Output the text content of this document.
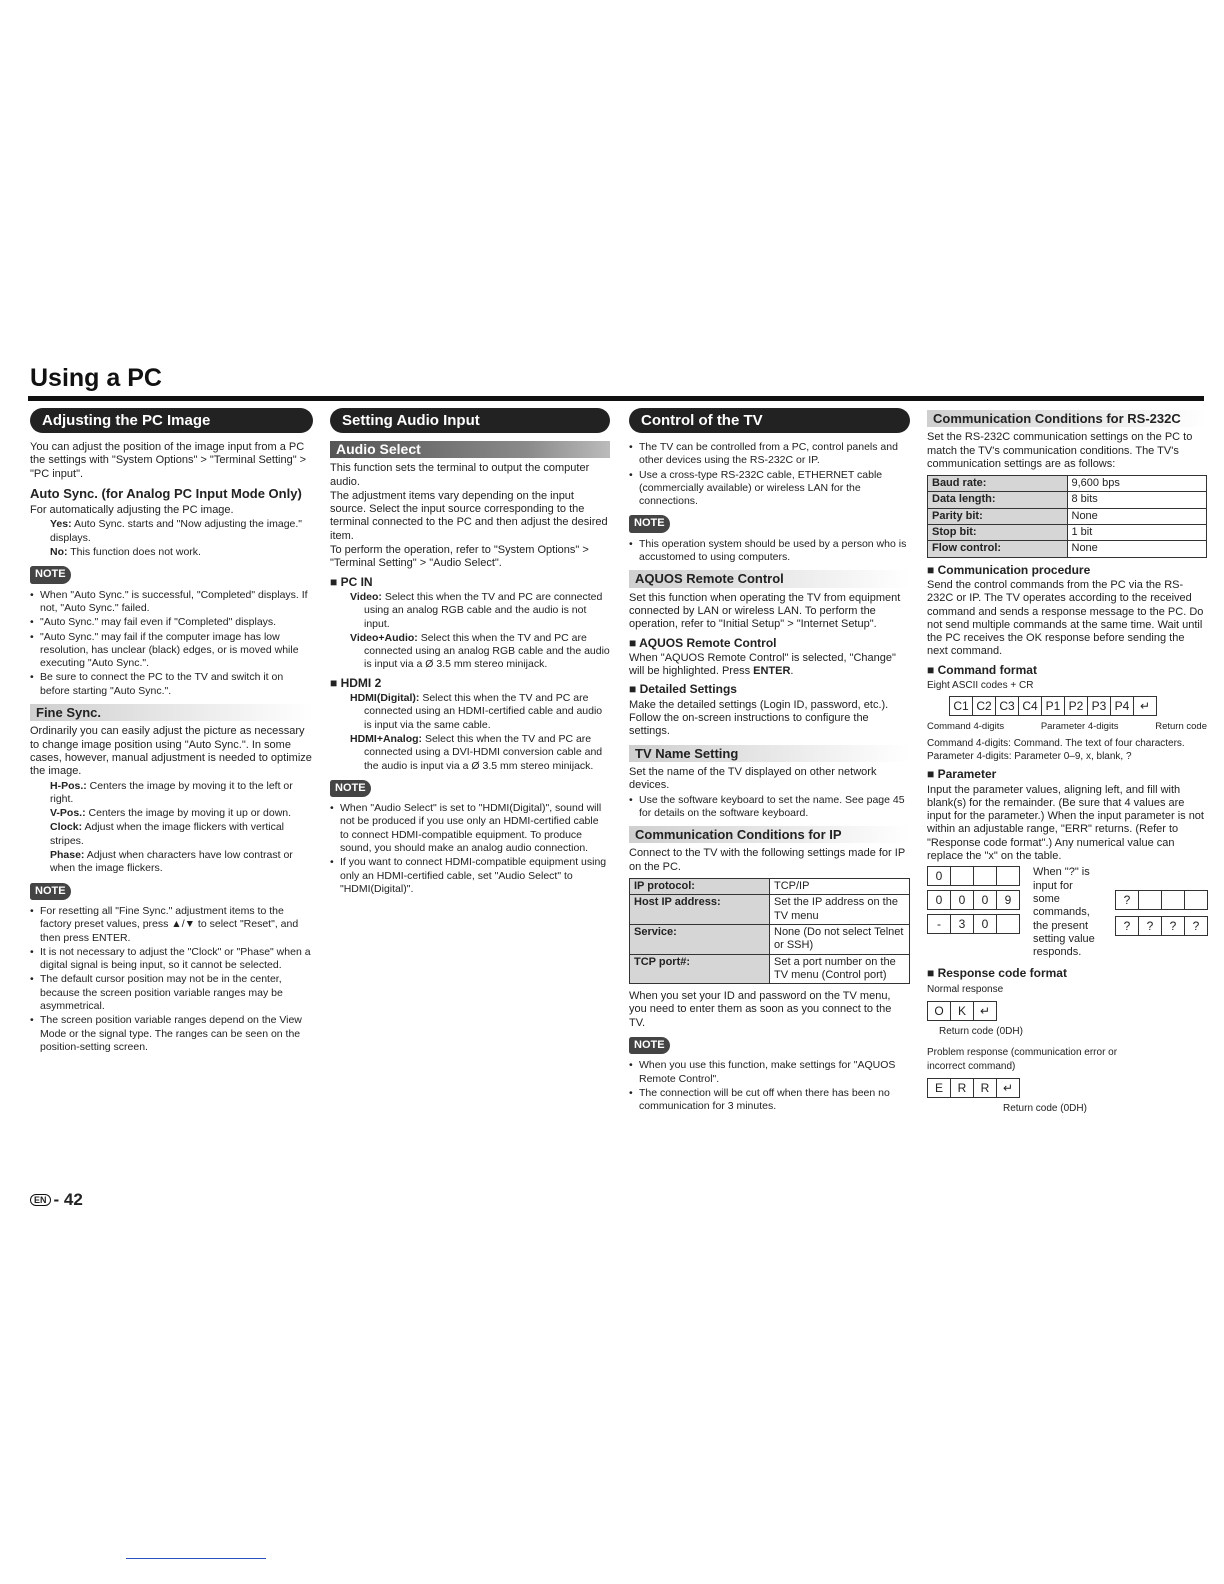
Using a PC
Adjusting the PC Image
You can adjust the position of the image input from a PC the settings with "System Options" > "Terminal Setting" > "PC input".
Auto Sync. (for Analog PC Input Mode Only)
For automatically adjusting the PC image.
Yes: Auto Sync. starts and "Now adjusting the image." displays.
No: This function does not work.
NOTE
• When "Auto Sync." is successful, "Completed" displays. If not, "Auto Sync." failed.
• "Auto Sync." may fail even if "Completed" displays.
• "Auto Sync." may fail if the computer image has low resolution, has unclear (black) edges, or is moved while executing "Auto Sync.".
• Be sure to connect the PC to the TV and switch it on before starting "Auto Sync.".
Fine Sync.
Ordinarily you can easily adjust the picture as necessary to change image position using "Auto Sync.". In some cases, however, manual adjustment is needed to optimize the image.
H-Pos.: Centers the image by moving it to the left or right.
V-Pos.: Centers the image by moving it up or down.
Clock: Adjust when the image flickers with vertical stripes.
Phase: Adjust when characters have low contrast or when the image flickers.
NOTE
• For resetting all "Fine Sync." adjustment items to the factory preset values, press ▲/▼ to select "Reset", and then press ENTER.
• It is not necessary to adjust the "Clock" or "Phase" when a digital signal is being input, so it cannot be selected.
• The default cursor position may not be in the center, because the screen position variable ranges may be asymmetrical.
• The screen position variable ranges depend on the View Mode or the signal type. The ranges can be seen on the position-setting screen.
Setting Audio Input
Audio Select
This function sets the terminal to output the computer audio.
The adjustment items vary depending on the input source. Select the input source corresponding to the terminal connected to the PC and then adjust the desired item.
To perform the operation, refer to "System Options" > "Terminal Setting" > "Audio Select".
■ PC IN
Video: Select this when the TV and PC are connected using an analog RGB cable and the audio is not input.
Video+Audio: Select this when the TV and PC are connected using an analog RGB cable and the audio is input via a Ø 3.5 mm stereo minijack.
■ HDMI 2
HDMI(Digital): Select this when the TV and PC are connected using an HDMI-certified cable and audio is input via the same cable.
HDMI+Analog: Select this when the TV and PC are connected using a DVI-HDMI conversion cable and the audio is input via a Ø 3.5 mm stereo minijack.
NOTE
• When "Audio Select" is set to "HDMI(Digital)", sound will not be produced if you use only an HDMI-certified cable to connect HDMI-compatible equipment. To produce sound, you should make an analog audio connection.
• If you want to connect HDMI-compatible equipment using only an HDMI-certified cable, set "Audio Select" to "HDMI(Digital)".
Control of the TV
• The TV can be controlled from a PC, control panels and other devices using the RS-232C or IP.
• Use a cross-type RS-232C cable, ETHERNET cable (commercially available) or wireless LAN for the connections.
NOTE
• This operation system should be used by a person who is accustomed to using computers.
AQUOS Remote Control
Set this function when operating the TV from equipment connected by LAN or wireless LAN. To perform the operation, refer to "Initial Setup" > "Internet Setup".
■ AQUOS Remote Control
When "AQUOS Remote Control" is selected, "Change" will be highlighted. Press ENTER.
■ Detailed Settings
Make the detailed settings (Login ID, password, etc.). Follow the on-screen instructions to configure the settings.
TV Name Setting
Set the name of the TV displayed on other network devices.
• Use the software keyboard to set the name. See page 45 for details on the software keyboard.
Communication Conditions for IP
Connect to the TV with the following settings made for IP on the PC.
IP protocol:	TCP/IP
Host IP address:	Set the IP address on the TV menu
Service:	None (Do not select Telnet or SSH)
TCP port#:	Set a port number on the TV menu (Control port)
When you set your ID and password on the TV menu, you need to enter them as soon as you connect to the TV.
NOTE
• When you use this function, make settings for "AQUOS Remote Control".
• The connection will be cut off when there has been no communication for 3 minutes.
Communication Conditions for RS-232C
Set the RS-232C communication settings on the PC to match the TV's communication conditions. The TV's communication settings are as follows:
Baud rate:	9,600 bps
Data length:	8 bits
Parity bit:	None
Stop bit:	1 bit
Flow control:	None
■ Communication procedure
Send the control commands from the PC via the RS-232C or IP. The TV operates according to the received command and sends a response message to the PC. Do not send multiple commands at the same time. Wait until the PC receives the OK response before sending the next command.
■ Command format
Eight ASCII codes + CR
C1 C2 C3 C4 P1 P2 P3 P4 ↵
Command 4-digits	Parameter 4-digits	Return code
Command 4-digits: Command. The text of four characters. Parameter 4-digits: Parameter 0–9, x, blank, ?
■ Parameter
Input the parameter values, aligning left, and fill with blank(s) for the remainder. (Be sure that 4 values are input for the parameter.) When the input parameter is not within an adjustable range, "ERR" returns. (Refer to "Response code format".) Any numerical value can replace the "x" on the table.
0
0	0	0	9
-	3	0
When "?" is input for some commands, the present setting value responds.
?
?	?	?	?
■ Response code format
Normal response
O	K	↵
Return code (0DH)
Problem response (communication error or incorrect command)
E	R	R	↵
Return code (0DH)
EN - 42
